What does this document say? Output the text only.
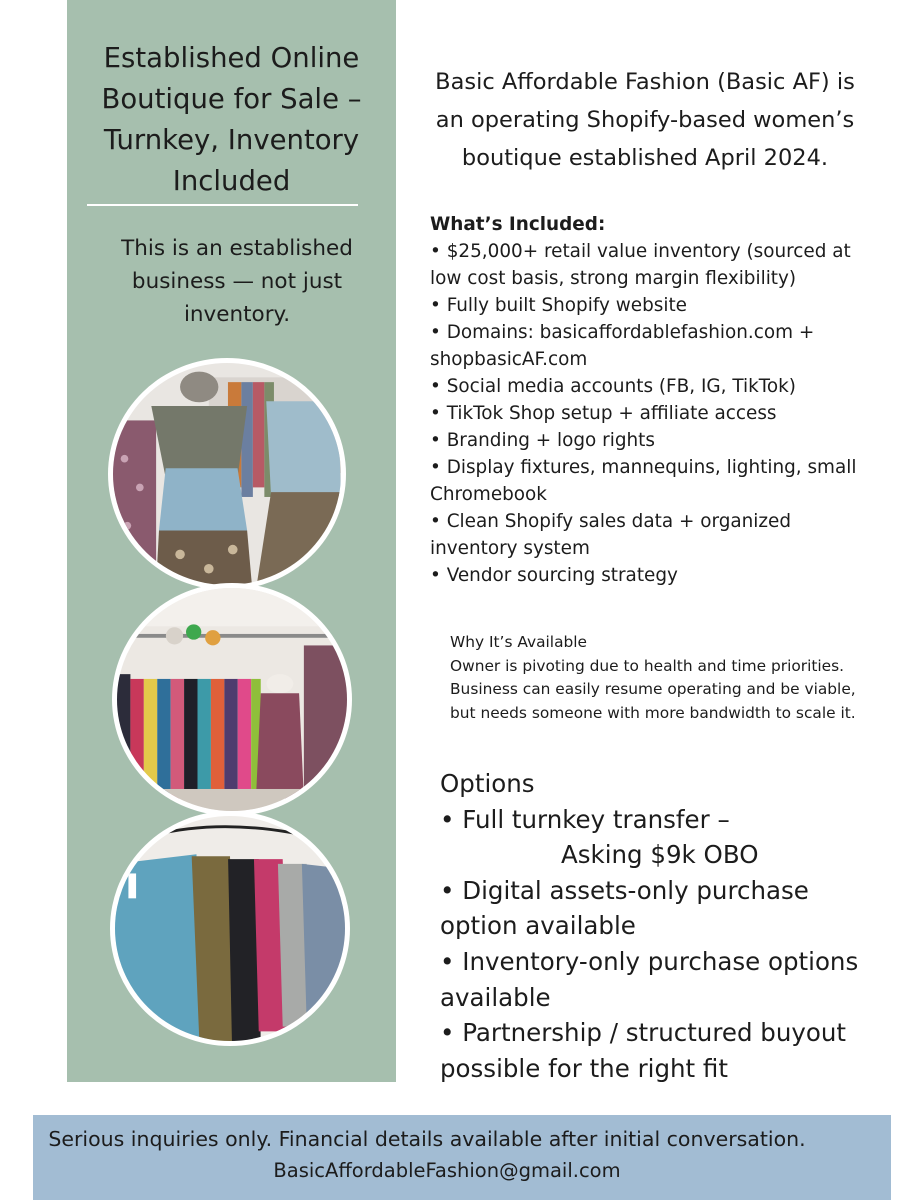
Established Online
Boutique for Sale –
Turnkey, Inventory
Included
This is an established
business — not just
inventory.
Basic Affordable Fashion (Basic AF) is
an operating Shopify-based women’s
boutique established April 2024.
What’s Included:
• $25,000+ retail value inventory (sourced at low cost basis, strong margin flexibility)
• Fully built Shopify website
• Domains: basicaffordablefashion.com + shopbasicAF.com
• Social media accounts (FB, IG, TikTok)
• TikTok Shop setup + affiliate access
• Branding + logo rights
• Display fixtures, mannequins, lighting, small Chromebook
• Clean Shopify sales data + organized inventory system
• Vendor sourcing strategy

Why It’s Available

Owner is pivoting due to health and time priorities. Business can easily resume operating and be viable, but needs someone with more bandwidth to scale it.

Options
• Full turnkey transfer –
Asking $9k OBO
• Digital assets-only purchase option available
• Inventory-only purchase options available
• Partnership / structured buyout possible for the right fit
Serious inquiries only. Financial details available after initial conversation.
BasicAffordableFashion@gmail.com
